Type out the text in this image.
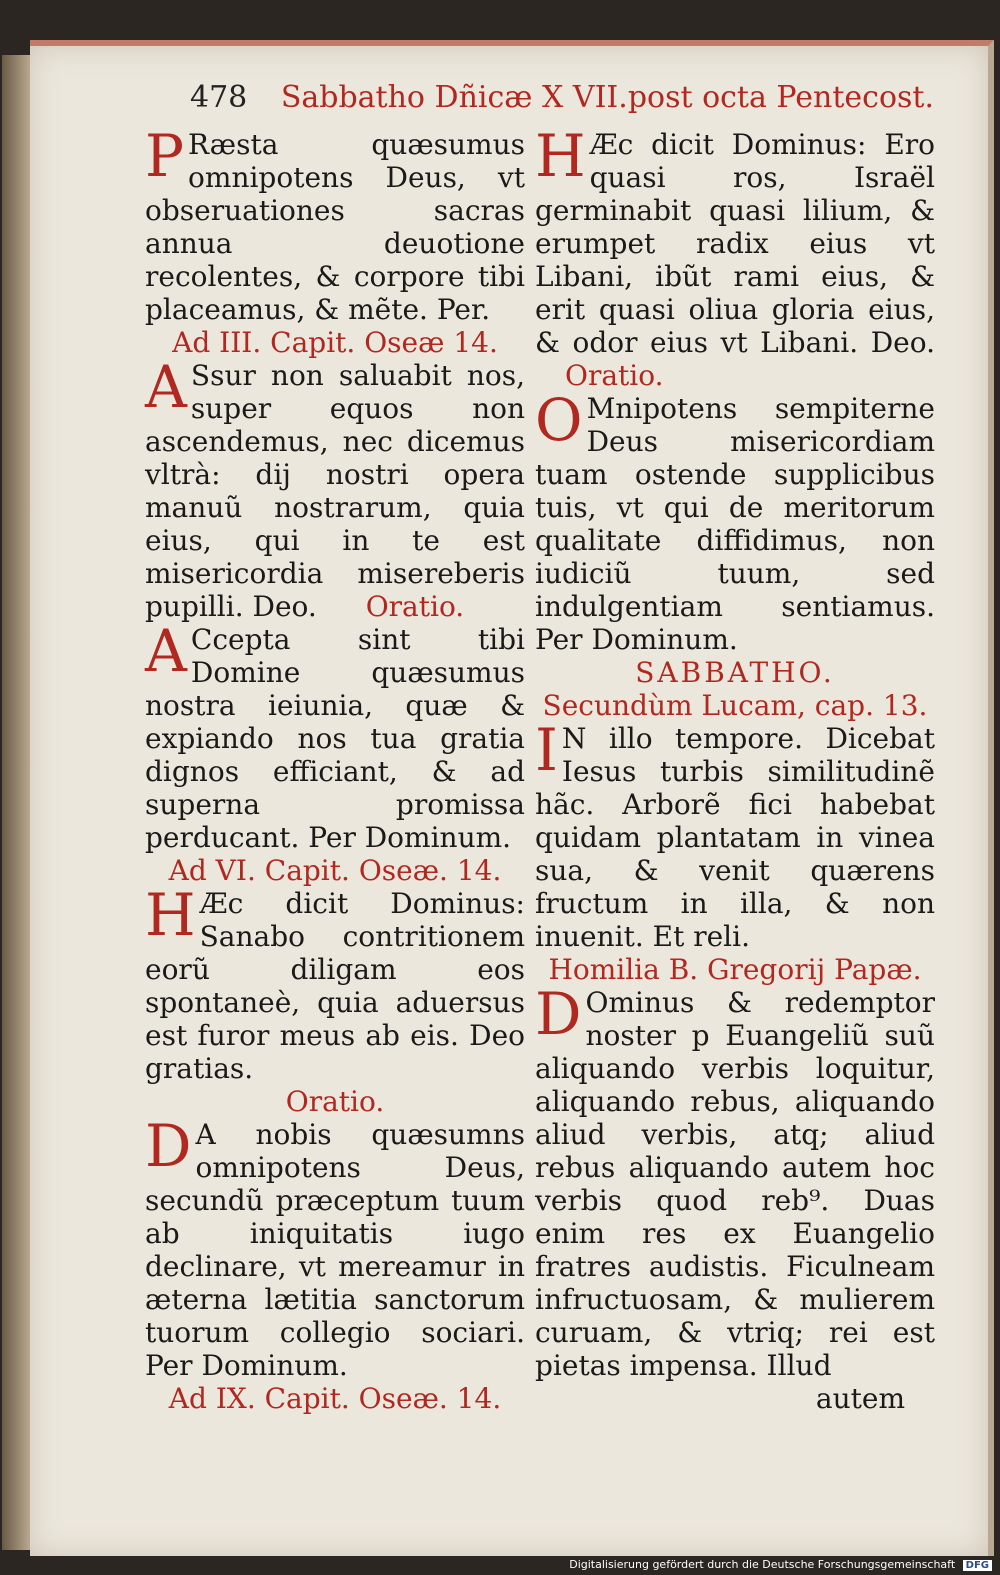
478 Sabbatho Dñicæ X VII.post octa Pentecost.

P Ræsta quæsumus omnipotens Deus, vt obseruationes sacras annua deuotione recolentes, & corpore tibi placeamus, & mẽte. Per.

Ad III. Capit. Oseæ 14.

A Ssur non saluabit nos, super equos non ascendemus, nec dicemus vltrà: dij nostri opera manuũ nostrarum, quia eius, qui in te est misericordia misereberis pupilli. Deo. Oratio.

A Ccepta sint tibi Domine quæsumus nostra ieiunia, quæ & expiando nos tua gratia dignos efficiant, & ad superna promissa perducant. Per Dominum.

Ad VI. Capit. Oseæ. 14.

H Æc dicit Dominus: Sanabo contritionem eorũ diligam eos spontaneè, quia aduersus est furor meus ab eis. Deo gratias.

Oratio.

D A nobis quæsumns omnipotens Deus, secundũ præceptum tuum ab iniquitatis iugo declinare, vt mereamur in æterna lætitia sanctorum tuorum collegio sociari. Per Dominum.

Ad IX. Capit. Oseæ. 14.

H Æc dicit Dominus: Ero quasi ros, Israël germinabit quasi lilium, & erumpet radix eius vt Libani, ibũt rami eius, & erit quasi oliua gloria eius, & odor eius vt Libani. Deo. Oratio.

O Mnipotens sempiterne Deus misericordiam tuam ostende supplicibus tuis, vt qui de meritorum qualitate diffidimus, non iudiciũ tuum, sed indulgentiam sentiamus. Per Dominum.

SABBATHO.
Secundùm Lucam, cap. 13.

I N illo tempore. Dicebat Iesus turbis similitudinẽ hãc. Arborẽ fici habebat quidam plantatam in vinea sua, & venit quærens fructum in illa, & non inuenit. Et reli.

Homilia B. Gregorij Papæ.

D Ominus & redemptor noster p Euangeliũ suũ aliquando verbis loquitur, aliquando rebus, aliquando aliud verbis, atq; aliud rebus aliquando autem hoc verbis quod reb⁹. Duas enim res ex Euangelio fratres audistis. Ficulneam infructuosam, & mulierem curuam, & vtriq; rei est pietas impensa. Illud

autem
Digitalisierung gefördert durch die Deutsche Forschungsgemeinschaft DFG
